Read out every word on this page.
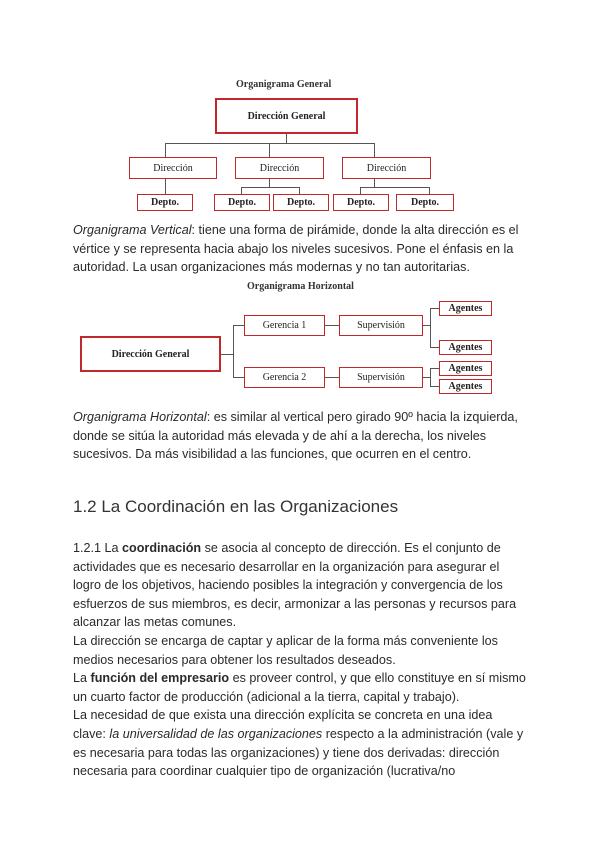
Organigrama General
Dirección General
Dirección	Dirección	Dirección
Depto.	Depto.	Depto.	Depto.	Depto.

Organigrama Vertical: tiene una forma de pirámide, donde la alta dirección es el vértice y se representa hacia abajo los niveles sucesivos. Pone el énfasis en la autoridad. La usan organizaciones más modernas y no tan autoritarias.

Organigrama Horizontal
Dirección General
Gerencia 1
Gerencia 2
Supervisión
Supervisión
Agentes
Agentes
Agentes
Agentes

Organigrama Horizontal: es similar al vertical pero girado 90º hacia la izquierda, donde se sitúa la autoridad más elevada y de ahí a la derecha, los niveles sucesivos. Da más visibilidad a las funciones, que ocurren en el centro.

1.2 La Coordinación en las Organizaciones

1.2.1 La coordinación se asocia al concepto de dirección. Es el conjunto de actividades que es necesario desarrollar en la organización para asegurar el logro de los objetivos, haciendo posibles la integración y convergencia de los esfuerzos de sus miembros, es decir, armonizar a las personas y recursos para alcanzar las metas comunes.

La dirección se encarga de captar y aplicar de la forma más conveniente los medios necesarios para obtener los resultados deseados.

La función del empresario es proveer control, y que ello constituye en sí mismo un cuarto factor de producción (adicional a la tierra, capital y trabajo).

La necesidad de que exista una dirección explícita se concreta en una idea clave: la universalidad de las organizaciones respecto a la administración (vale y es necesaria para todas las organizaciones) y tiene dos derivadas: dirección necesaria para coordinar cualquier tipo de organización (lucrativa/no
